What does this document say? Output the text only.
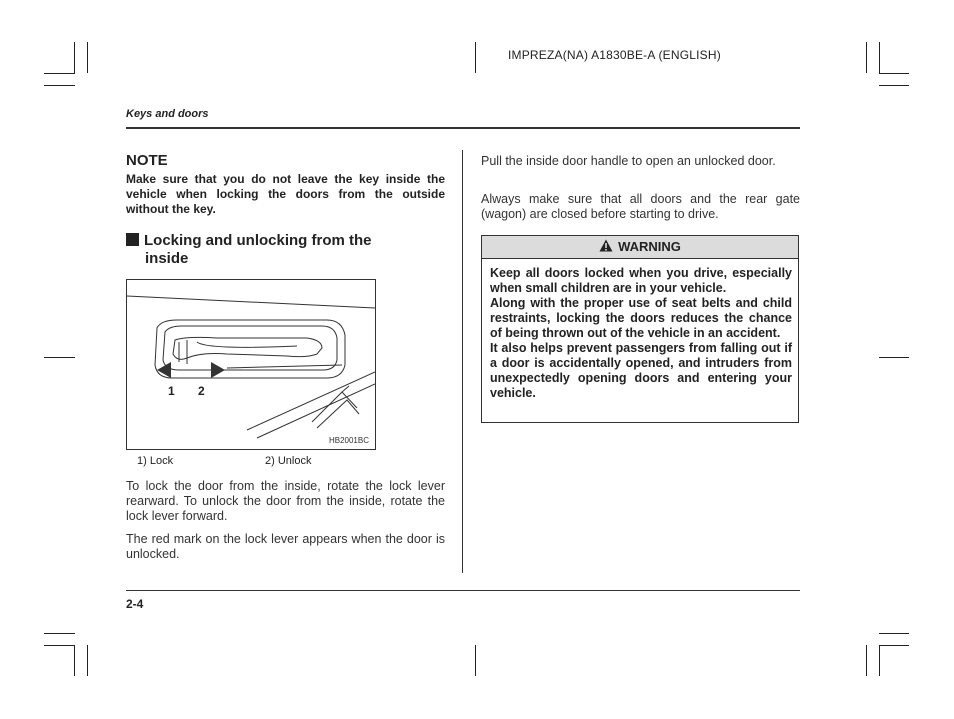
IMPREZA(NA) A1830BE-A (ENGLISH)
Keys and doors
NOTE
Make sure that you do not leave the key inside the vehicle when locking the doors from the outside without the key.
Locking and unlocking from the
inside
1 2
HB2001BC
1) Lock	2) Unlock
To lock the door from the inside, rotate the lock lever rearward. To unlock the door from the inside, rotate the lock lever forward.
The red mark on the lock lever appears when the door is unlocked.
Pull the inside door handle to open an unlocked door.
Always make sure that all doors and the rear gate (wagon) are closed before starting to drive.
WARNING

Keep all doors locked when you drive, especially when small children are in your vehicle.

Along with the proper use of seat belts and child restraints, locking the doors reduces the chance of being thrown out of the vehicle in an accident.

It also helps prevent passengers from falling out if a door is accidentally opened, and intruders from unexpectedly opening doors and entering your vehicle.

2-4
